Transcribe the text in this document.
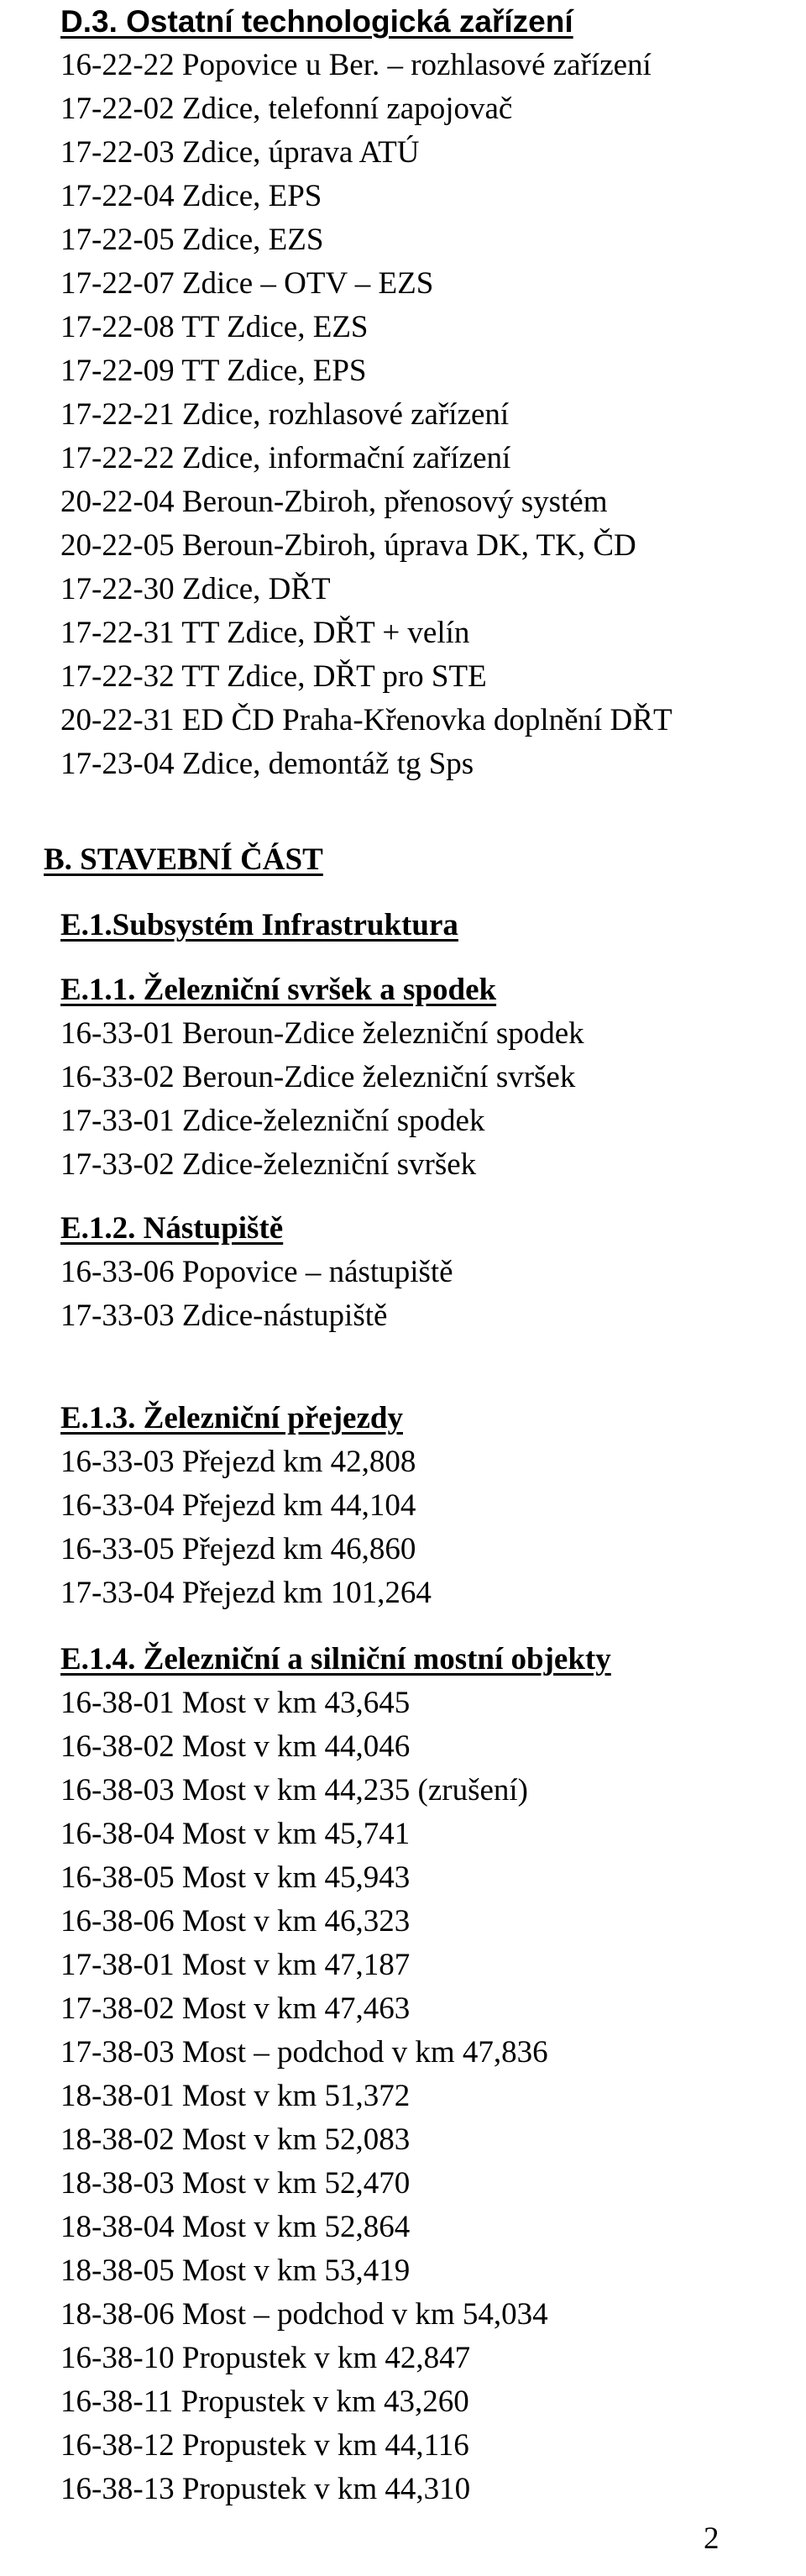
D.3. Ostatní technologická zařízení
16-22-22 Popovice u Ber. – rozhlasové zařízení
17-22-02 Zdice, telefonní zapojovač
17-22-03 Zdice, úprava ATÚ
17-22-04 Zdice, EPS
17-22-05 Zdice, EZS
17-22-07 Zdice – OTV – EZS
17-22-08 TT Zdice, EZS
17-22-09 TT Zdice, EPS
17-22-21 Zdice, rozhlasové zařízení
17-22-22 Zdice, informační zařízení
20-22-04 Beroun-Zbiroh, přenosový systém
20-22-05 Beroun-Zbiroh, úprava DK, TK, ČD
17-22-30 Zdice, DŘT
17-22-31 TT Zdice, DŘT + velín
17-22-32 TT Zdice, DŘT pro STE
20-22-31 ED ČD Praha-Křenovka doplnění DŘT
17-23-04 Zdice, demontáž tg Sps
B. STAVEBNÍ ČÁST
E.1.Subsystém Infrastruktura
E.1.1. Železniční svršek a spodek
16-33-01 Beroun-Zdice železniční spodek
16-33-02 Beroun-Zdice železniční svršek
17-33-01 Zdice-železniční spodek
17-33-02 Zdice-železniční svršek
E.1.2. Nástupiště
16-33-06 Popovice – nástupiště
17-33-03 Zdice-nástupiště
E.1.3. Železniční přejezdy
16-33-03 Přejezd km 42,808
16-33-04 Přejezd km 44,104
16-33-05 Přejezd km 46,860
17-33-04 Přejezd km 101,264
E.1.4. Železniční a silniční mostní objekty
16-38-01 Most v km 43,645
16-38-02 Most v km 44,046
16-38-03 Most v km 44,235 (zrušení)
16-38-04 Most v km 45,741
16-38-05 Most v km 45,943
16-38-06 Most v km 46,323
17-38-01 Most v km 47,187
17-38-02 Most v km 47,463
17-38-03 Most – podchod v km 47,836
18-38-01 Most v km 51,372
18-38-02 Most v km 52,083
18-38-03 Most v km 52,470
18-38-04 Most v km 52,864
18-38-05 Most v km 53,419
18-38-06 Most – podchod v km 54,034
16-38-10 Propustek v km 42,847
16-38-11 Propustek v km 43,260
16-38-12 Propustek v km 44,116
16-38-13 Propustek v km 44,310
2
